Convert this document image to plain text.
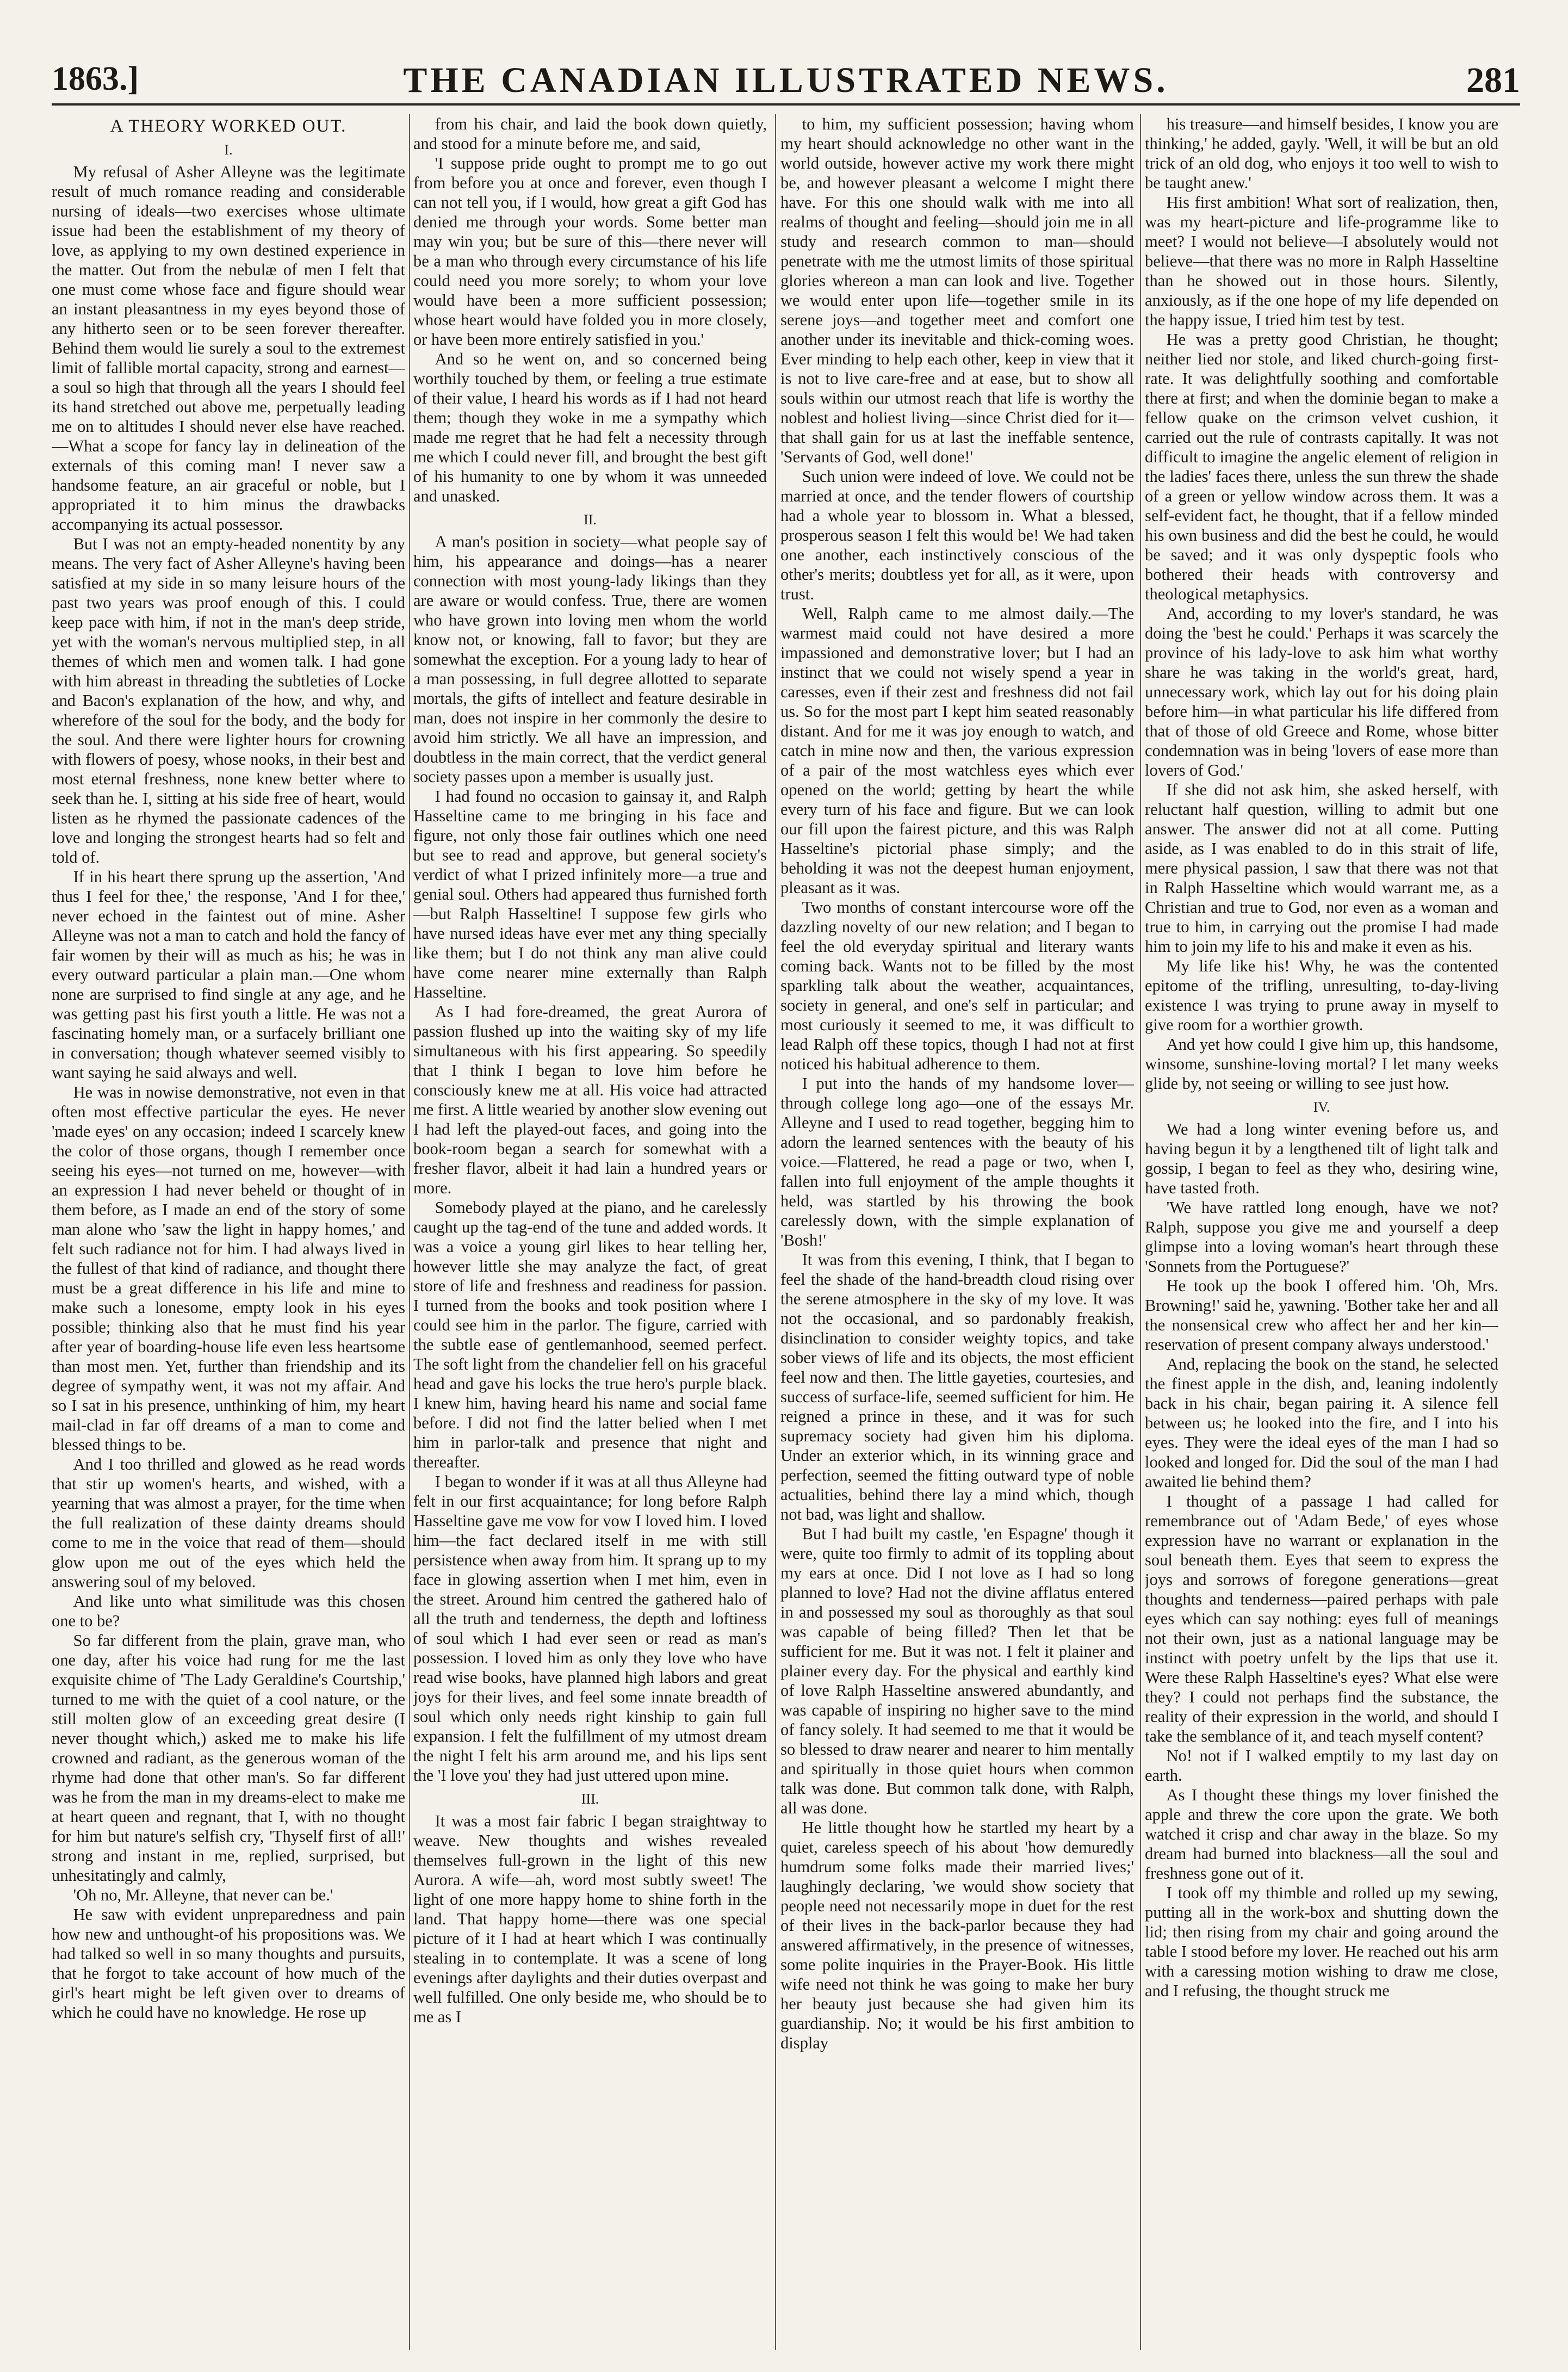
1863.]	THE CANADIAN ILLUSTRATED NEWS.	281
A THEORY WORKED OUT.
I.

My refusal of Asher Alleyne was the legitimate result of much romance reading and considerable nursing of ideals—two exercises whose ultimate issue had been the establishment of my theory of love, as applying to my own destined experience in the matter. Out from the nebulæ of men I felt that one must come whose face and figure should wear an instant pleasantness in my eyes beyond those of any hitherto seen or to be seen forever thereafter. Behind them would lie surely a soul to the extremest limit of fallible mortal capacity, strong and earnest—a soul so high that through all the years I should feel its hand stretched out above me, perpetually leading me on to altitudes I should never else have reached.—What a scope for fancy lay in delineation of the externals of this coming man! I never saw a handsome feature, an air graceful or noble, but I appropriated it to him minus the drawbacks accompanying its actual possessor.

But I was not an empty-headed nonentity by any means. The very fact of Asher Alleyne's having been satisfied at my side in so many leisure hours of the past two years was proof enough of this. I could keep pace with him, if not in the man's deep stride, yet with the woman's nervous multiplied step, in all themes of which men and women talk. I had gone with him abreast in threading the subtleties of Locke and Bacon's explanation of the how, and why, and wherefore of the soul for the body, and the body for the soul. And there were lighter hours for crowning with flowers of poesy, whose nooks, in their best and most eternal freshness, none knew better where to seek than he. I, sitting at his side free of heart, would listen as he rhymed the passionate cadences of the love and longing the strongest hearts had so felt and told of.

If in his heart there sprung up the assertion, 'And thus I feel for thee,' the response, 'And I for thee,' never echoed in the faintest out of mine. Asher Alleyne was not a man to catch and hold the fancy of fair women by their will as much as his; he was in every outward particular a plain man.—One whom none are surprised to find single at any age, and he was getting past his first youth a little. He was not a fascinating homely man, or a surfacely brilliant one in conversation; though whatever seemed visibly to want saying he said always and well.

He was in nowise demonstrative, not even in that often most effective particular the eyes. He never 'made eyes' on any occasion; indeed I scarcely knew the color of those organs, though I remember once seeing his eyes—not turned on me, however—with an expression I had never beheld or thought of in them before, as I made an end of the story of some man alone who 'saw the light in happy homes,' and felt such radiance not for him. I had always lived in the fullest of that kind of radiance, and thought there must be a great difference in his life and mine to make such a lonesome, empty look in his eyes possible; thinking also that he must find his year after year of boarding-house life even less heartsome than most men. Yet, further than friendship and its degree of sympathy went, it was not my affair. And so I sat in his presence, unthinking of him, my heart mail-clad in far off dreams of a man to come and blessed things to be.

And I too thrilled and glowed as he read words that stir up women's hearts, and wished, with a yearning that was almost a prayer, for the time when the full realization of these dainty dreams should come to me in the voice that read of them—should glow upon me out of the eyes which held the answering soul of my beloved.

And like unto what similitude was this chosen one to be?

So far different from the plain, grave man, who one day, after his voice had rung for me the last exquisite chime of 'The Lady Geraldine's Courtship,' turned to me with the quiet of a cool nature, or the still molten glow of an exceeding great desire (I never thought which,) asked me to make his life crowned and radiant, as the generous woman of the rhyme had done that other man's. So far different was he from the man in my dreams-elect to make me at heart queen and regnant, that I, with no thought for him but nature's selfish cry, 'Thyself first of all!' strong and instant in me, replied, surprised, but unhesitatingly and calmly,

'Oh no, Mr. Alleyne, that never can be.'

He saw with evident unpreparedness and pain how new and unthought-of his propositions was. We had talked so well in so many thoughts and pursuits, that he forgot to take account of how much of the girl's heart might be left given over to dreams of which he could have no knowledge. He rose up

from his chair, and laid the book down quietly, and stood for a minute before me, and said,

'I suppose pride ought to prompt me to go out from before you at once and forever, even though I can not tell you, if I would, how great a gift God has denied me through your words. Some better man may win you; but be sure of this—there never will be a man who through every circumstance of his life could need you more sorely; to whom your love would have been a more sufficient possession; whose heart would have folded you in more closely, or have been more entirely satisfied in you.'

And so he went on, and so concerned being worthily touched by them, or feeling a true estimate of their value, I heard his words as if I had not heard them; though they woke in me a sympathy which made me regret that he had felt a necessity through me which I could never fill, and brought the best gift of his humanity to one by whom it was unneeded and unasked.

II.

A man's position in society—what people say of him, his appearance and doings—has a nearer connection with most young-lady likings than they are aware or would confess. True, there are women who have grown into loving men whom the world know not, or knowing, fall to favor; but they are somewhat the exception. For a young lady to hear of a man possessing, in full degree allotted to separate mortals, the gifts of intellect and feature desirable in man, does not inspire in her commonly the desire to avoid him strictly. We all have an impression, and doubtless in the main correct, that the verdict general society passes upon a member is usually just.

I had found no occasion to gainsay it, and Ralph Hasseltine came to me bringing in his face and figure, not only those fair outlines which one need but see to read and approve, but general society's verdict of what I prized infinitely more—a true and genial soul. Others had appeared thus furnished forth—but Ralph Hasseltine! I suppose few girls who have nursed ideas have ever met any thing specially like them; but I do not think any man alive could have come nearer mine externally than Ralph Hasseltine.

As I had fore-dreamed, the great Aurora of passion flushed up into the waiting sky of my life simultaneous with his first appearing. So speedily that I think I began to love him before he consciously knew me at all. His voice had attracted me first. A little wearied by another slow evening out I had left the played-out faces, and going into the book-room began a search for somewhat with a fresher flavor, albeit it had lain a hundred years or more.

Somebody played at the piano, and he carelessly caught up the tag-end of the tune and added words. It was a voice a young girl likes to hear telling her, however little she may analyze the fact, of great store of life and freshness and readiness for passion. I turned from the books and took position where I could see him in the parlor. The figure, carried with the subtle ease of gentlemanhood, seemed perfect. The soft light from the chandelier fell on his graceful head and gave his locks the true hero's purple black. I knew him, having heard his name and social fame before. I did not find the latter belied when I met him in parlor-talk and presence that night and thereafter.

I began to wonder if it was at all thus Alleyne had felt in our first acquaintance; for long before Ralph Hasseltine gave me vow for vow I loved him. I loved him—the fact declared itself in me with still persistence when away from him. It sprang up to my face in glowing assertion when I met him, even in the street. Around him centred the gathered halo of all the truth and tenderness, the depth and loftiness of soul which I had ever seen or read as man's possession. I loved him as only they love who have read wise books, have planned high labors and great joys for their lives, and feel some innate breadth of soul which only needs right kinship to gain full expansion. I felt the fulfillment of my utmost dream the night I felt his arm around me, and his lips sent the 'I love you' they had just uttered upon mine.

III.

It was a most fair fabric I began straightway to weave. New thoughts and wishes revealed themselves full-grown in the light of this new Aurora. A wife—ah, word most subtly sweet! The light of one more happy home to shine forth in the land. That happy home—there was one special picture of it I had at heart which I was continually stealing in to contemplate. It was a scene of long evenings after daylights and their duties overpast and well fulfilled. One only beside me, who should be to me as I

to him, my sufficient possession; having whom my heart should acknowledge no other want in the world outside, however active my work there might be, and however pleasant a welcome I might there have. For this one should walk with me into all realms of thought and feeling—should join me in all study and research common to man—should penetrate with me the utmost limits of those spiritual glories whereon a man can look and live. Together we would enter upon life—together smile in its serene joys—and together meet and comfort one another under its inevitable and thick-coming woes. Ever minding to help each other, keep in view that it is not to live care-free and at ease, but to show all souls within our utmost reach that life is worthy the noblest and holiest living—since Christ died for it—that shall gain for us at last the ineffable sentence, 'Servants of God, well done!'

Such union were indeed of love. We could not be married at once, and the tender flowers of courtship had a whole year to blossom in. What a blessed, prosperous season I felt this would be! We had taken one another, each instinctively conscious of the other's merits; doubtless yet for all, as it were, upon trust.

Well, Ralph came to me almost daily.—The warmest maid could not have desired a more impassioned and demonstrative lover; but I had an instinct that we could not wisely spend a year in caresses, even if their zest and freshness did not fail us. So for the most part I kept him seated reasonably distant. And for me it was joy enough to watch, and catch in mine now and then, the various expression of a pair of the most watchless eyes which ever opened on the world; getting by heart the while every turn of his face and figure. But we can look our fill upon the fairest picture, and this was Ralph Hasseltine's pictorial phase simply; and the beholding it was not the deepest human enjoyment, pleasant as it was.

Two months of constant intercourse wore off the dazzling novelty of our new relation; and I began to feel the old everyday spiritual and literary wants coming back. Wants not to be filled by the most sparkling talk about the weather, acquaintances, society in general, and one's self in particular; and most curiously it seemed to me, it was difficult to lead Ralph off these topics, though I had not at first noticed his habitual adherence to them.

I put into the hands of my handsome lover—through college long ago—one of the essays Mr. Alleyne and I used to read together, begging him to adorn the learned sentences with the beauty of his voice.—Flattered, he read a page or two, when I, fallen into full enjoyment of the ample thoughts it held, was startled by his throwing the book carelessly down, with the simple explanation of 'Bosh!'

It was from this evening, I think, that I began to feel the shade of the hand-breadth cloud rising over the serene atmosphere in the sky of my love. It was not the occasional, and so pardonably freakish, disinclination to consider weighty topics, and take sober views of life and its objects, the most efficient feel now and then. The little gayeties, courtesies, and success of surface-life, seemed sufficient for him. He reigned a prince in these, and it was for such supremacy society had given him his diploma. Under an exterior which, in its winning grace and perfection, seemed the fitting outward type of noble actualities, behind there lay a mind which, though not bad, was light and shallow.

But I had built my castle, 'en Espagne' though it were, quite too firmly to admit of its toppling about my ears at once. Did I not love as I had so long planned to love? Had not the divine afflatus entered in and possessed my soul as thoroughly as that soul was capable of being filled? Then let that be sufficient for me. But it was not. I felt it plainer and plainer every day. For the physical and earthly kind of love Ralph Hasseltine answered abundantly, and was capable of inspiring no higher save to the mind of fancy solely. It had seemed to me that it would be so blessed to draw nearer and nearer to him mentally and spiritually in those quiet hours when common talk was done. But common talk done, with Ralph, all was done.

He little thought how he startled my heart by a quiet, careless speech of his about 'how demuredly humdrum some folks made their married lives;' laughingly declaring, 'we would show society that people need not necessarily mope in duet for the rest of their lives in the back-parlor because they had answered affirmatively, in the presence of witnesses, some polite inquiries in the Prayer-Book. His little wife need not think he was going to make her bury her beauty just because she had given him its guardianship. No; it would be his first ambition to display

his treasure—and himself besides, I know you are thinking,' he added, gayly. 'Well, it will be but an old trick of an old dog, who enjoys it too well to wish to be taught anew.'

His first ambition! What sort of realization, then, was my heart-picture and life-programme like to meet? I would not believe—I absolutely would not believe—that there was no more in Ralph Hasseltine than he showed out in those hours. Silently, anxiously, as if the one hope of my life depended on the happy issue, I tried him test by test.

He was a pretty good Christian, he thought; neither lied nor stole, and liked church-going first-rate. It was delightfully soothing and comfortable there at first; and when the dominie began to make a fellow quake on the crimson velvet cushion, it carried out the rule of contrasts capitally. It was not difficult to imagine the angelic element of religion in the ladies' faces there, unless the sun threw the shade of a green or yellow window across them. It was a self-evident fact, he thought, that if a fellow minded his own business and did the best he could, he would be saved; and it was only dyspeptic fools who bothered their heads with controversy and theological metaphysics.

And, according to my lover's standard, he was doing the 'best he could.' Perhaps it was scarcely the province of his lady-love to ask him what worthy share he was taking in the world's great, hard, unnecessary work, which lay out for his doing plain before him—in what particular his life differed from that of those of old Greece and Rome, whose bitter condemnation was in being 'lovers of ease more than lovers of God.'

If she did not ask him, she asked herself, with reluctant half question, willing to admit but one answer. The answer did not at all come. Putting aside, as I was enabled to do in this strait of life, mere physical passion, I saw that there was not that in Ralph Hasseltine which would warrant me, as a Christian and true to God, nor even as a woman and true to him, in carrying out the promise I had made him to join my life to his and make it even as his.

My life like his! Why, he was the contented epitome of the trifling, unresulting, to-day-living existence I was trying to prune away in myself to give room for a worthier growth.

And yet how could I give him up, this handsome, winsome, sunshine-loving mortal? I let many weeks glide by, not seeing or willing to see just how.

IV.

We had a long winter evening before us, and having begun it by a lengthened tilt of light talk and gossip, I began to feel as they who, desiring wine, have tasted froth.

'We have rattled long enough, have we not? Ralph, suppose you give me and yourself a deep glimpse into a loving woman's heart through these 'Sonnets from the Portuguese?'

He took up the book I offered him. 'Oh, Mrs. Browning!' said he, yawning. 'Bother take her and all the nonsensical crew who affect her and her kin—reservation of present company always understood.'

And, replacing the book on the stand, he selected the finest apple in the dish, and, leaning indolently back in his chair, began pairing it. A silence fell between us; he looked into the fire, and I into his eyes. They were the ideal eyes of the man I had so looked and longed for. Did the soul of the man I had awaited lie behind them?

I thought of a passage I had called for remembrance out of 'Adam Bede,' of eyes whose expression have no warrant or explanation in the soul beneath them. Eyes that seem to express the joys and sorrows of foregone generations—great thoughts and tenderness—paired perhaps with pale eyes which can say nothing: eyes full of meanings not their own, just as a national language may be instinct with poetry unfelt by the lips that use it. Were these Ralph Hasseltine's eyes? What else were they? I could not perhaps find the substance, the reality of their expression in the world, and should I take the semblance of it, and teach myself content?

No! not if I walked emptily to my last day on earth.

As I thought these things my lover finished the apple and threw the core upon the grate. We both watched it crisp and char away in the blaze. So my dream had burned into blackness—all the soul and freshness gone out of it.

I took off my thimble and rolled up my sewing, putting all in the work-box and shutting down the lid; then rising from my chair and going around the table I stood before my lover. He reached out his arm with a caressing motion wishing to draw me close, and I refusing, the thought struck me
